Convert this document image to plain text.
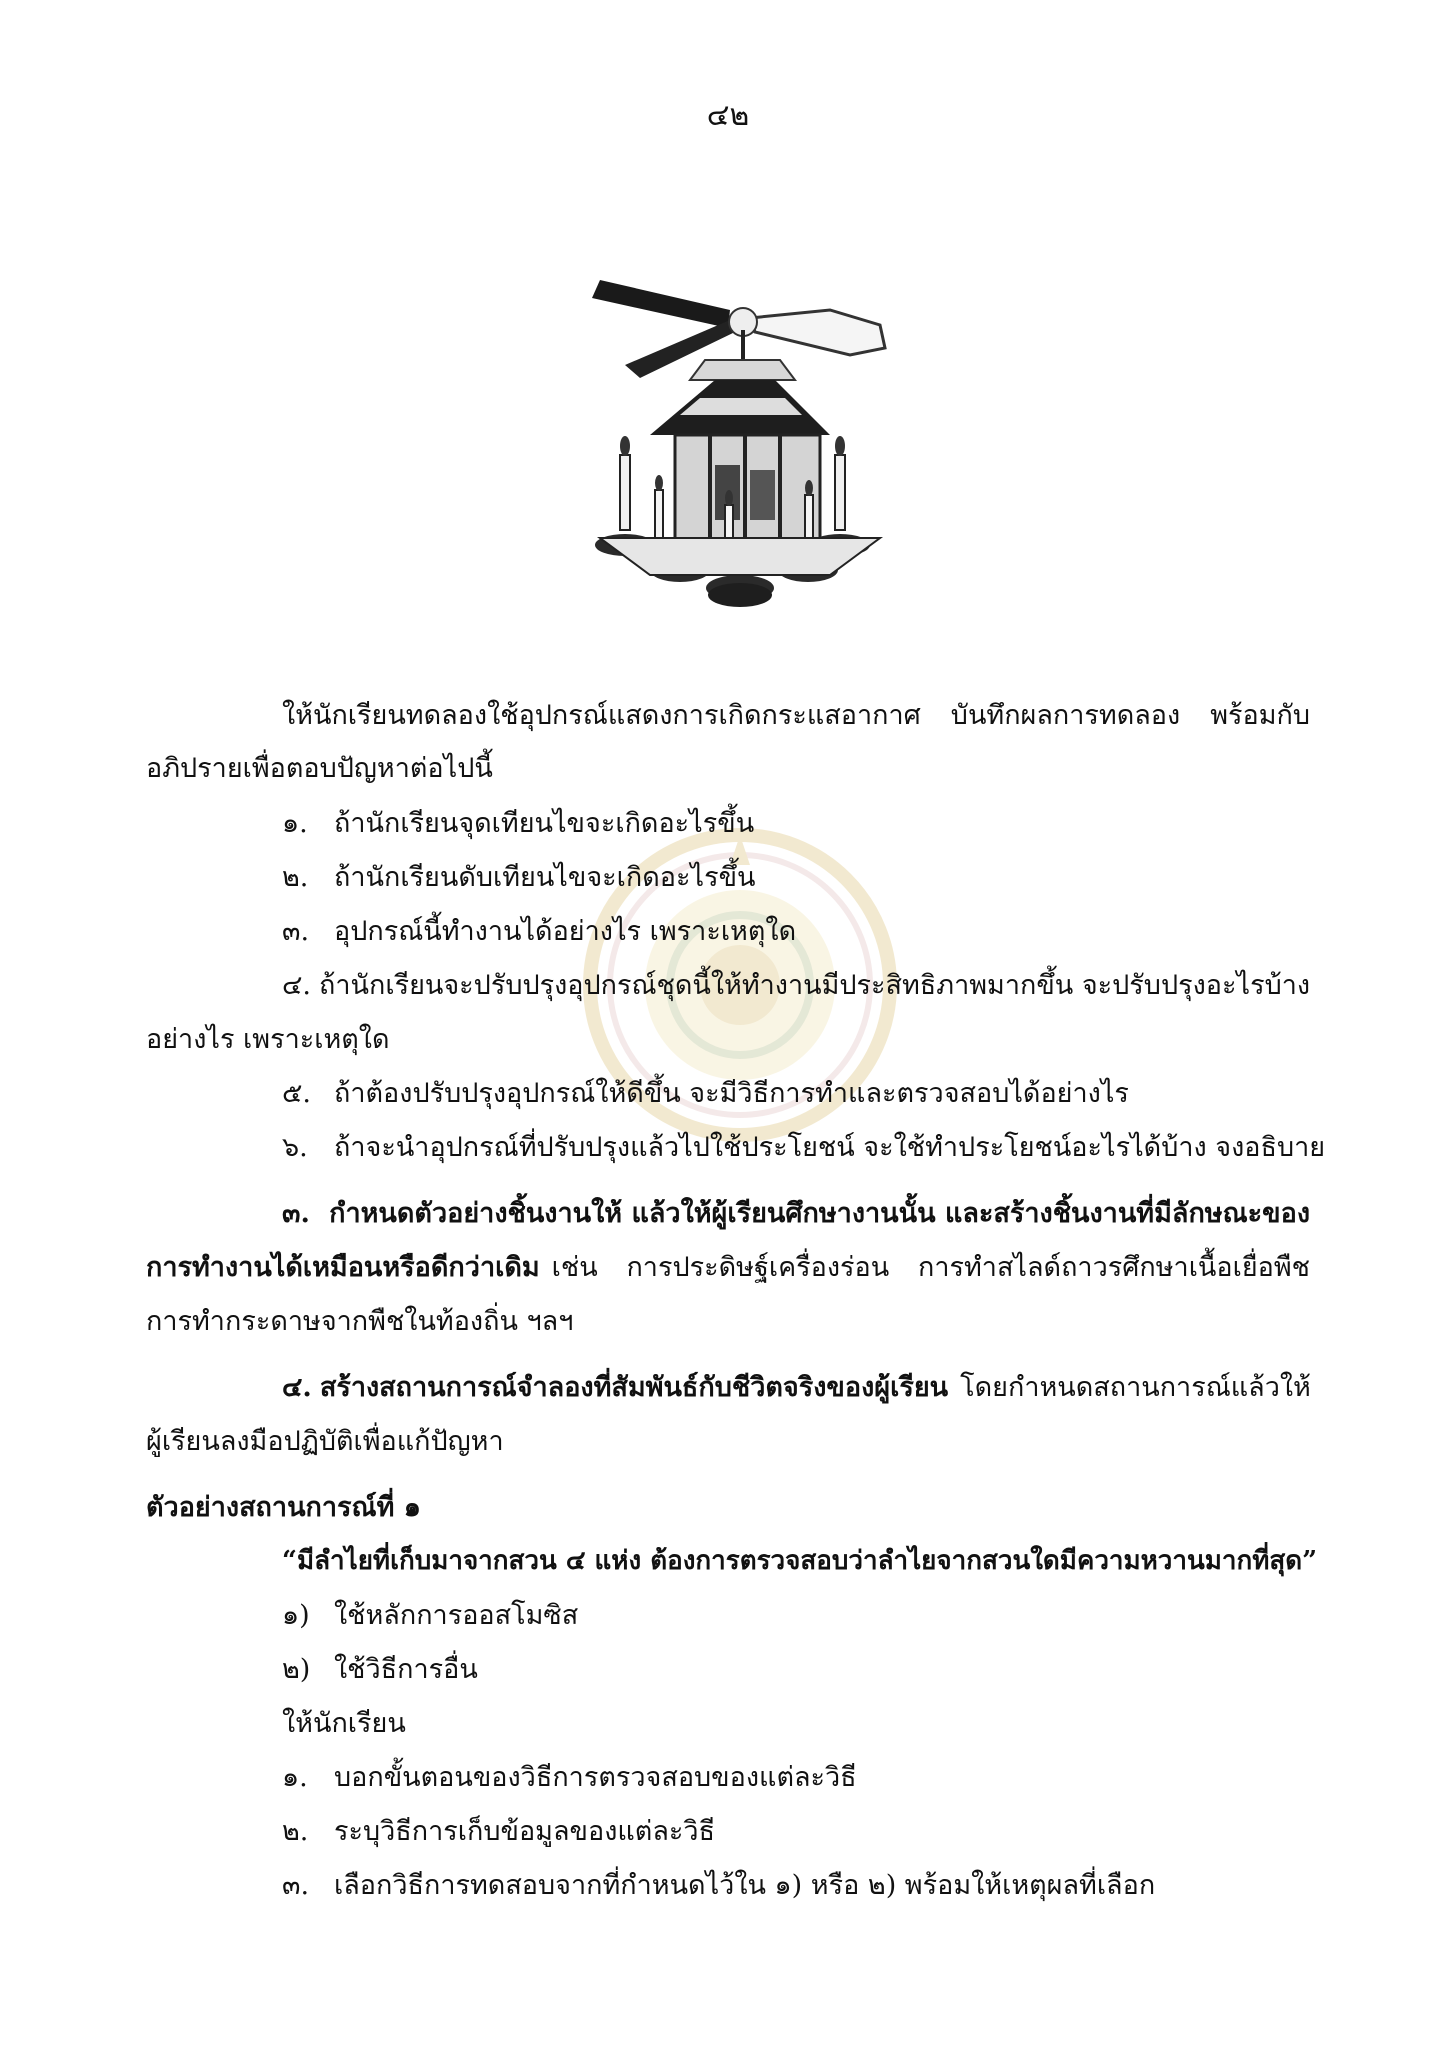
๔๒
ให้นักเรียนทดลองใช้อุปกรณ์แสดงการเกิดกระแสอากาศ บันทึกผลการทดลอง พร้อมกับ
อภิปรายเพื่อตอบปัญหาต่อไปนี้
๑. ถ้านักเรียนจุดเทียนไขจะเกิดอะไรขึ้น
๒. ถ้านักเรียนดับเทียนไขจะเกิดอะไรขึ้น
๓. อุปกรณ์นี้ทำงานได้อย่างไร เพราะเหตุใด
๔. ถ้านักเรียนจะปรับปรุงอุปกรณ์ชุดนี้ให้ทำงานมีประสิทธิภาพมากขึ้น จะปรับปรุงอะไรบ้าง
อย่างไร เพราะเหตุใด
๕. ถ้าต้องปรับปรุงอุปกรณ์ให้ดีขึ้น จะมีวิธีการทำและตรวจสอบได้อย่างไร
๖. ถ้าจะนำอุปกรณ์ที่ปรับปรุงแล้วไปใช้ประโยชน์ จะใช้ทำประโยชน์อะไรได้บ้าง จงอธิบาย
๓. กำหนดตัวอย่างชิ้นงานให้ แล้วให้ผู้เรียนศึกษางานนั้น และสร้างชิ้นงานที่มีลักษณะของ
การทำงานได้เหมือนหรือดีกว่าเดิม เช่น การประดิษฐ์เครื่องร่อน การทำสไลด์ถาวรศึกษาเนื้อเยื่อพืช
การทำกระดาษจากพืชในท้องถิ่น ฯลฯ
๔. สร้างสถานการณ์จำลองที่สัมพันธ์กับชีวิตจริงของผู้เรียน โดยกำหนดสถานการณ์แล้วให้
ผู้เรียนลงมือปฏิบัติเพื่อแก้ปัญหา
ตัวอย่างสถานการณ์ที่ ๑
“มีลำไยที่เก็บมาจากสวน ๔ แห่ง ต้องการตรวจสอบว่าลำไยจากสวนใดมีความหวานมากที่สุด”
๑) ใช้หลักการออสโมซิส
๒) ใช้วิธีการอื่น
ให้นักเรียน
๑. บอกขั้นตอนของวิธีการตรวจสอบของแต่ละวิธี
๒. ระบุวิธีการเก็บข้อมูลของแต่ละวิธี
๓. เลือกวิธีการทดสอบจากที่กำหนดไว้ใน ๑) หรือ ๒) พร้อมให้เหตุผลที่เลือก
